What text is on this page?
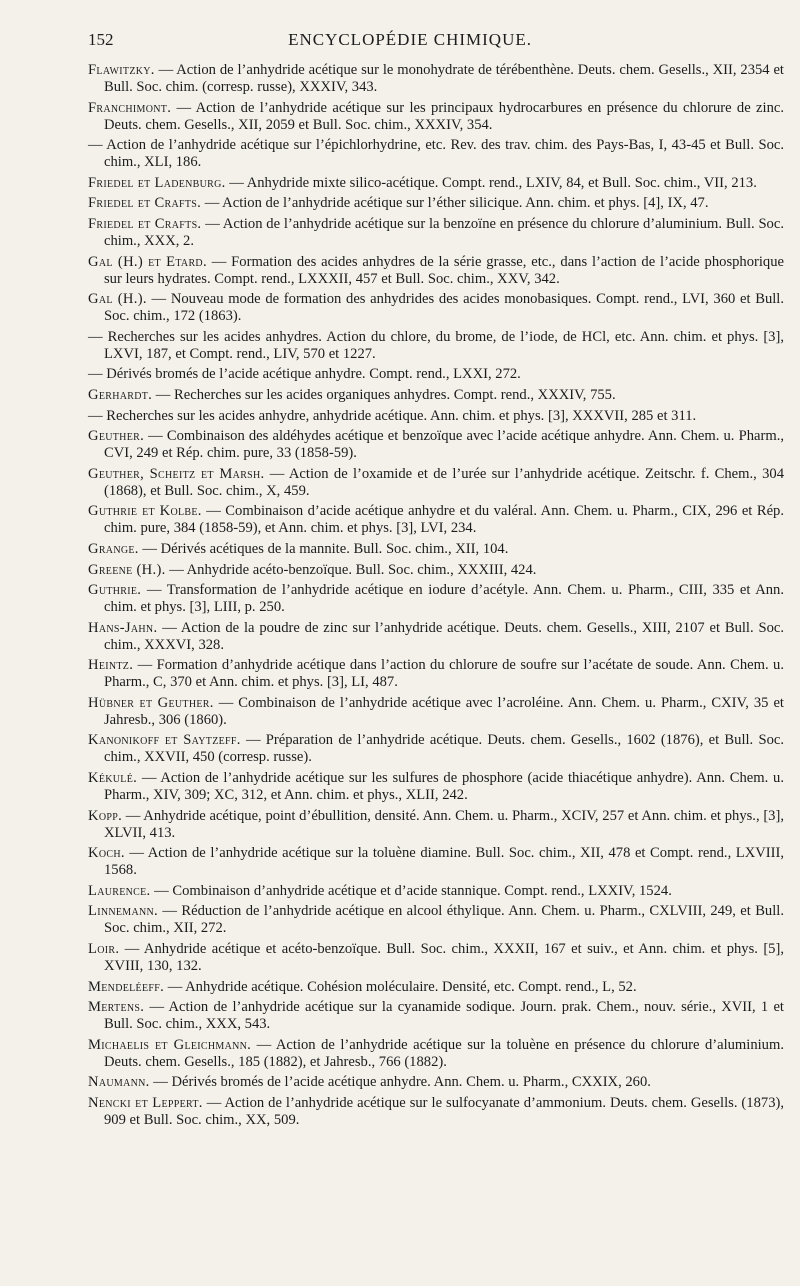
152	ENCYCLOPÉDIE CHIMIQUE.

Flawitzky. — Action de l’anhydride acétique sur le monohydrate de térébenthène. Deuts. chem. Gesells., XII, 2354 et Bull. Soc. chim. (corresp. russe), XXXIV, 343.

Franchimont. — Action de l’anhydride acétique sur les principaux hydrocarbures en présence du chlorure de zinc. Deuts. chem. Gesells., XII, 2059 et Bull. Soc. chim., XXXIV, 354.

— Action de l’anhydride acétique sur l’épichlorhydrine, etc. Rev. des trav. chim. des Pays-Bas, I, 43-45 et Bull. Soc. chim., XLI, 186.

Friedel et Ladenburg. — Anhydride mixte silico-acétique. Compt. rend., LXIV, 84, et Bull. Soc. chim., VII, 213.

Friedel et Crafts. — Action de l’anhydride acétique sur l’éther silicique. Ann. chim. et phys. [4], IX, 47.

Friedel et Crafts. — Action de l’anhydride acétique sur la benzoïne en présence du chlorure d’aluminium. Bull. Soc. chim., XXX, 2.

Gal (H.) et Etard. — Formation des acides anhydres de la série grasse, etc., dans l’action de l’acide phosphorique sur leurs hydrates. Compt. rend., LXXXII, 457 et Bull. Soc. chim., XXV, 342.

Gal (H.). — Nouveau mode de formation des anhydrides des acides monobasiques. Compt. rend., LVI, 360 et Bull. Soc. chim., 172 (1863).

— Recherches sur les acides anhydres. Action du chlore, du brome, de l’iode, de HCl, etc. Ann. chim. et phys. [3], LXVI, 187, et Compt. rend., LIV, 570 et 1227.

— Dérivés bromés de l’acide acétique anhydre. Compt. rend., LXXI, 272.

Gerhardt. — Recherches sur les acides organiques anhydres. Compt. rend., XXXIV, 755.

— Recherches sur les acides anhydre, anhydride acétique. Ann. chim. et phys. [3], XXXVII, 285 et 311.

Geuther. — Combinaison des aldéhydes acétique et benzoïque avec l’acide acétique anhydre. Ann. Chem. u. Pharm., CVI, 249 et Rép. chim. pure, 33 (1858-59).

Geuther, Scheitz et Marsh. — Action de l’oxamide et de l’urée sur l’anhydride acétique. Zeitschr. f. Chem., 304 (1868), et Bull. Soc. chim., X, 459.

Guthrie et Kolbe. — Combinaison d’acide acétique anhydre et du valéral. Ann. Chem. u. Pharm., CIX, 296 et Rép. chim. pure, 384 (1858-59), et Ann. chim. et phys. [3], LVI, 234.

Grange. — Dérivés acétiques de la mannite. Bull. Soc. chim., XII, 104.

Greene (H.). — Anhydride acéto-benzoïque. Bull. Soc. chim., XXXIII, 424.

Guthrie. — Transformation de l’anhydride acétique en iodure d’acétyle. Ann. Chem. u. Pharm., CIII, 335 et Ann. chim. et phys. [3], LIII, p. 250.

Hans-Jahn. — Action de la poudre de zinc sur l’anhydride acétique. Deuts. chem. Gesells., XIII, 2107 et Bull. Soc. chim., XXXVI, 328.

Heintz. — Formation d’anhydride acétique dans l’action du chlorure de soufre sur l’acétate de soude. Ann. Chem. u. Pharm., C, 370 et Ann. chim. et phys. [3], LI, 487.

Hübner et Geuther. — Combinaison de l’anhydride acétique avec l’acroléine. Ann. Chem. u. Pharm., CXIV, 35 et Jahresb., 306 (1860).

Kanonikoff et Saytzeff. — Préparation de l’anhydride acétique. Deuts. chem. Gesells., 1602 (1876), et Bull. Soc. chim., XXVII, 450 (corresp. russe).

Kékulé. — Action de l’anhydride acétique sur les sulfures de phosphore (acide thiacétique anhydre). Ann. Chem. u. Pharm., XIV, 309; XC, 312, et Ann. chim. et phys., XLII, 242.

Kopp. — Anhydride acétique, point d’ébullition, densité. Ann. Chem. u. Pharm., XCIV, 257 et Ann. chim. et phys., [3], XLVII, 413.

Koch. — Action de l’anhydride acétique sur la toluène diamine. Bull. Soc. chim., XII, 478 et Compt. rend., LXVIII, 1568.

Laurence. — Combinaison d’anhydride acétique et d’acide stannique. Compt. rend., LXXIV, 1524.

Linnemann. — Réduction de l’anhydride acétique en alcool éthylique. Ann. Chem. u. Pharm., CXLVIII, 249, et Bull. Soc. chim., XII, 272.

Loir. — Anhydride acétique et acéto-benzoïque. Bull. Soc. chim., XXXII, 167 et suiv., et Ann. chim. et phys. [5], XVIII, 130, 132.

Mendeléeff. — Anhydride acétique. Cohésion moléculaire. Densité, etc. Compt. rend., L, 52.

Mertens. — Action de l’anhydride acétique sur la cyanamide sodique. Journ. prak. Chem., nouv. série., XVII, 1 et Bull. Soc. chim., XXX, 543.

Michaelis et Gleichmann. — Action de l’anhydride acétique sur la toluène en présence du chlorure d’aluminium. Deuts. chem. Gesells., 185 (1882), et Jahresb., 766 (1882).

Naumann. — Dérivés bromés de l’acide acétique anhydre. Ann. Chem. u. Pharm., CXXIX, 260.

Nencki et Leppert. — Action de l’anhydride acétique sur le sulfocyanate d’ammonium. Deuts. chem. Gesells. (1873), 909 et Bull. Soc. chim., XX, 509.
